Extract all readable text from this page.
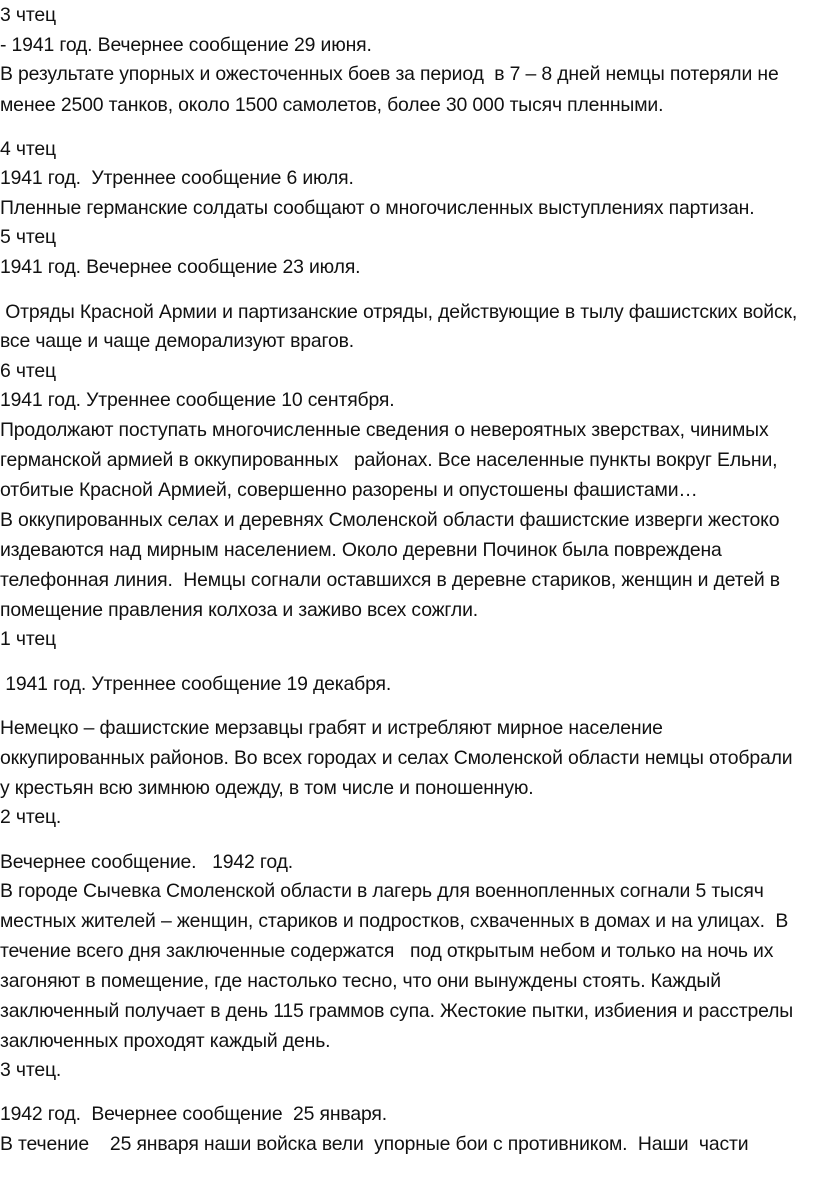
3 чтец
- 1941 год. Вечернее сообщение 29 июня.
В результате упорных и ожесточенных боев за период  в 7 – 8 дней немцы потеряли не
менее 2500 танков, около 1500 самолетов, более 30 000 тысяч пленными.
4 чтец
1941 год.  Утреннее сообщение 6 июля.
Пленные германские солдаты сообщают о многочисленных выступлениях партизан.
5 чтец
1941 год. Вечернее сообщение 23 июля.
Отряды Красной Армии и партизанские отряды, действующие в тылу фашистских войск,
все чаще и чаще деморализуют врагов.
6 чтец
1941 год. Утреннее сообщение 10 сентября.
Продолжают поступать многочисленные сведения о невероятных зверствах, чинимых
германской армией в оккупированных   районах. Все населенные пункты вокруг Ельни,
отбитые Красной Армией, совершенно разорены и опустошены фашистами…
В оккупированных селах и деревнях Смоленской области фашистские изверги жестоко
издеваются над мирным населением. Около деревни Починок была повреждена
телефонная линия.  Немцы согнали оставшихся в деревне стариков, женщин и детей в
помещение правления колхоза и заживо всех сожгли.
1 чтец
1941 год. Утреннее сообщение 19 декабря.
Немецко – фашистские мерзавцы грабят и истребляют мирное население
оккупированных районов. Во всех городах и селах Смоленской области немцы отобрали
у крестьян всю зимнюю одежду, в том числе и поношенную.
2 чтец.
Вечернее сообщение.   1942 год.
В городе Сычевка Смоленской области в лагерь для военнопленных согнали 5 тысяч
местных жителей – женщин, стариков и подростков, схваченных в домах и на улицах.  В
течение всего дня заключенные содержатся   под открытым небом и только на ночь их
загоняют в помещение, где настолько тесно, что они вынуждены стоять. Каждый
заключенный получает в день 115 граммов супа. Жестокие пытки, избиения и расстрелы
заключенных проходят каждый день.
3 чтец.
1942 год.  Вечернее сообщение  25 января.
В течение    25 января наши войска вели  упорные бои с противником.  Наши  части
